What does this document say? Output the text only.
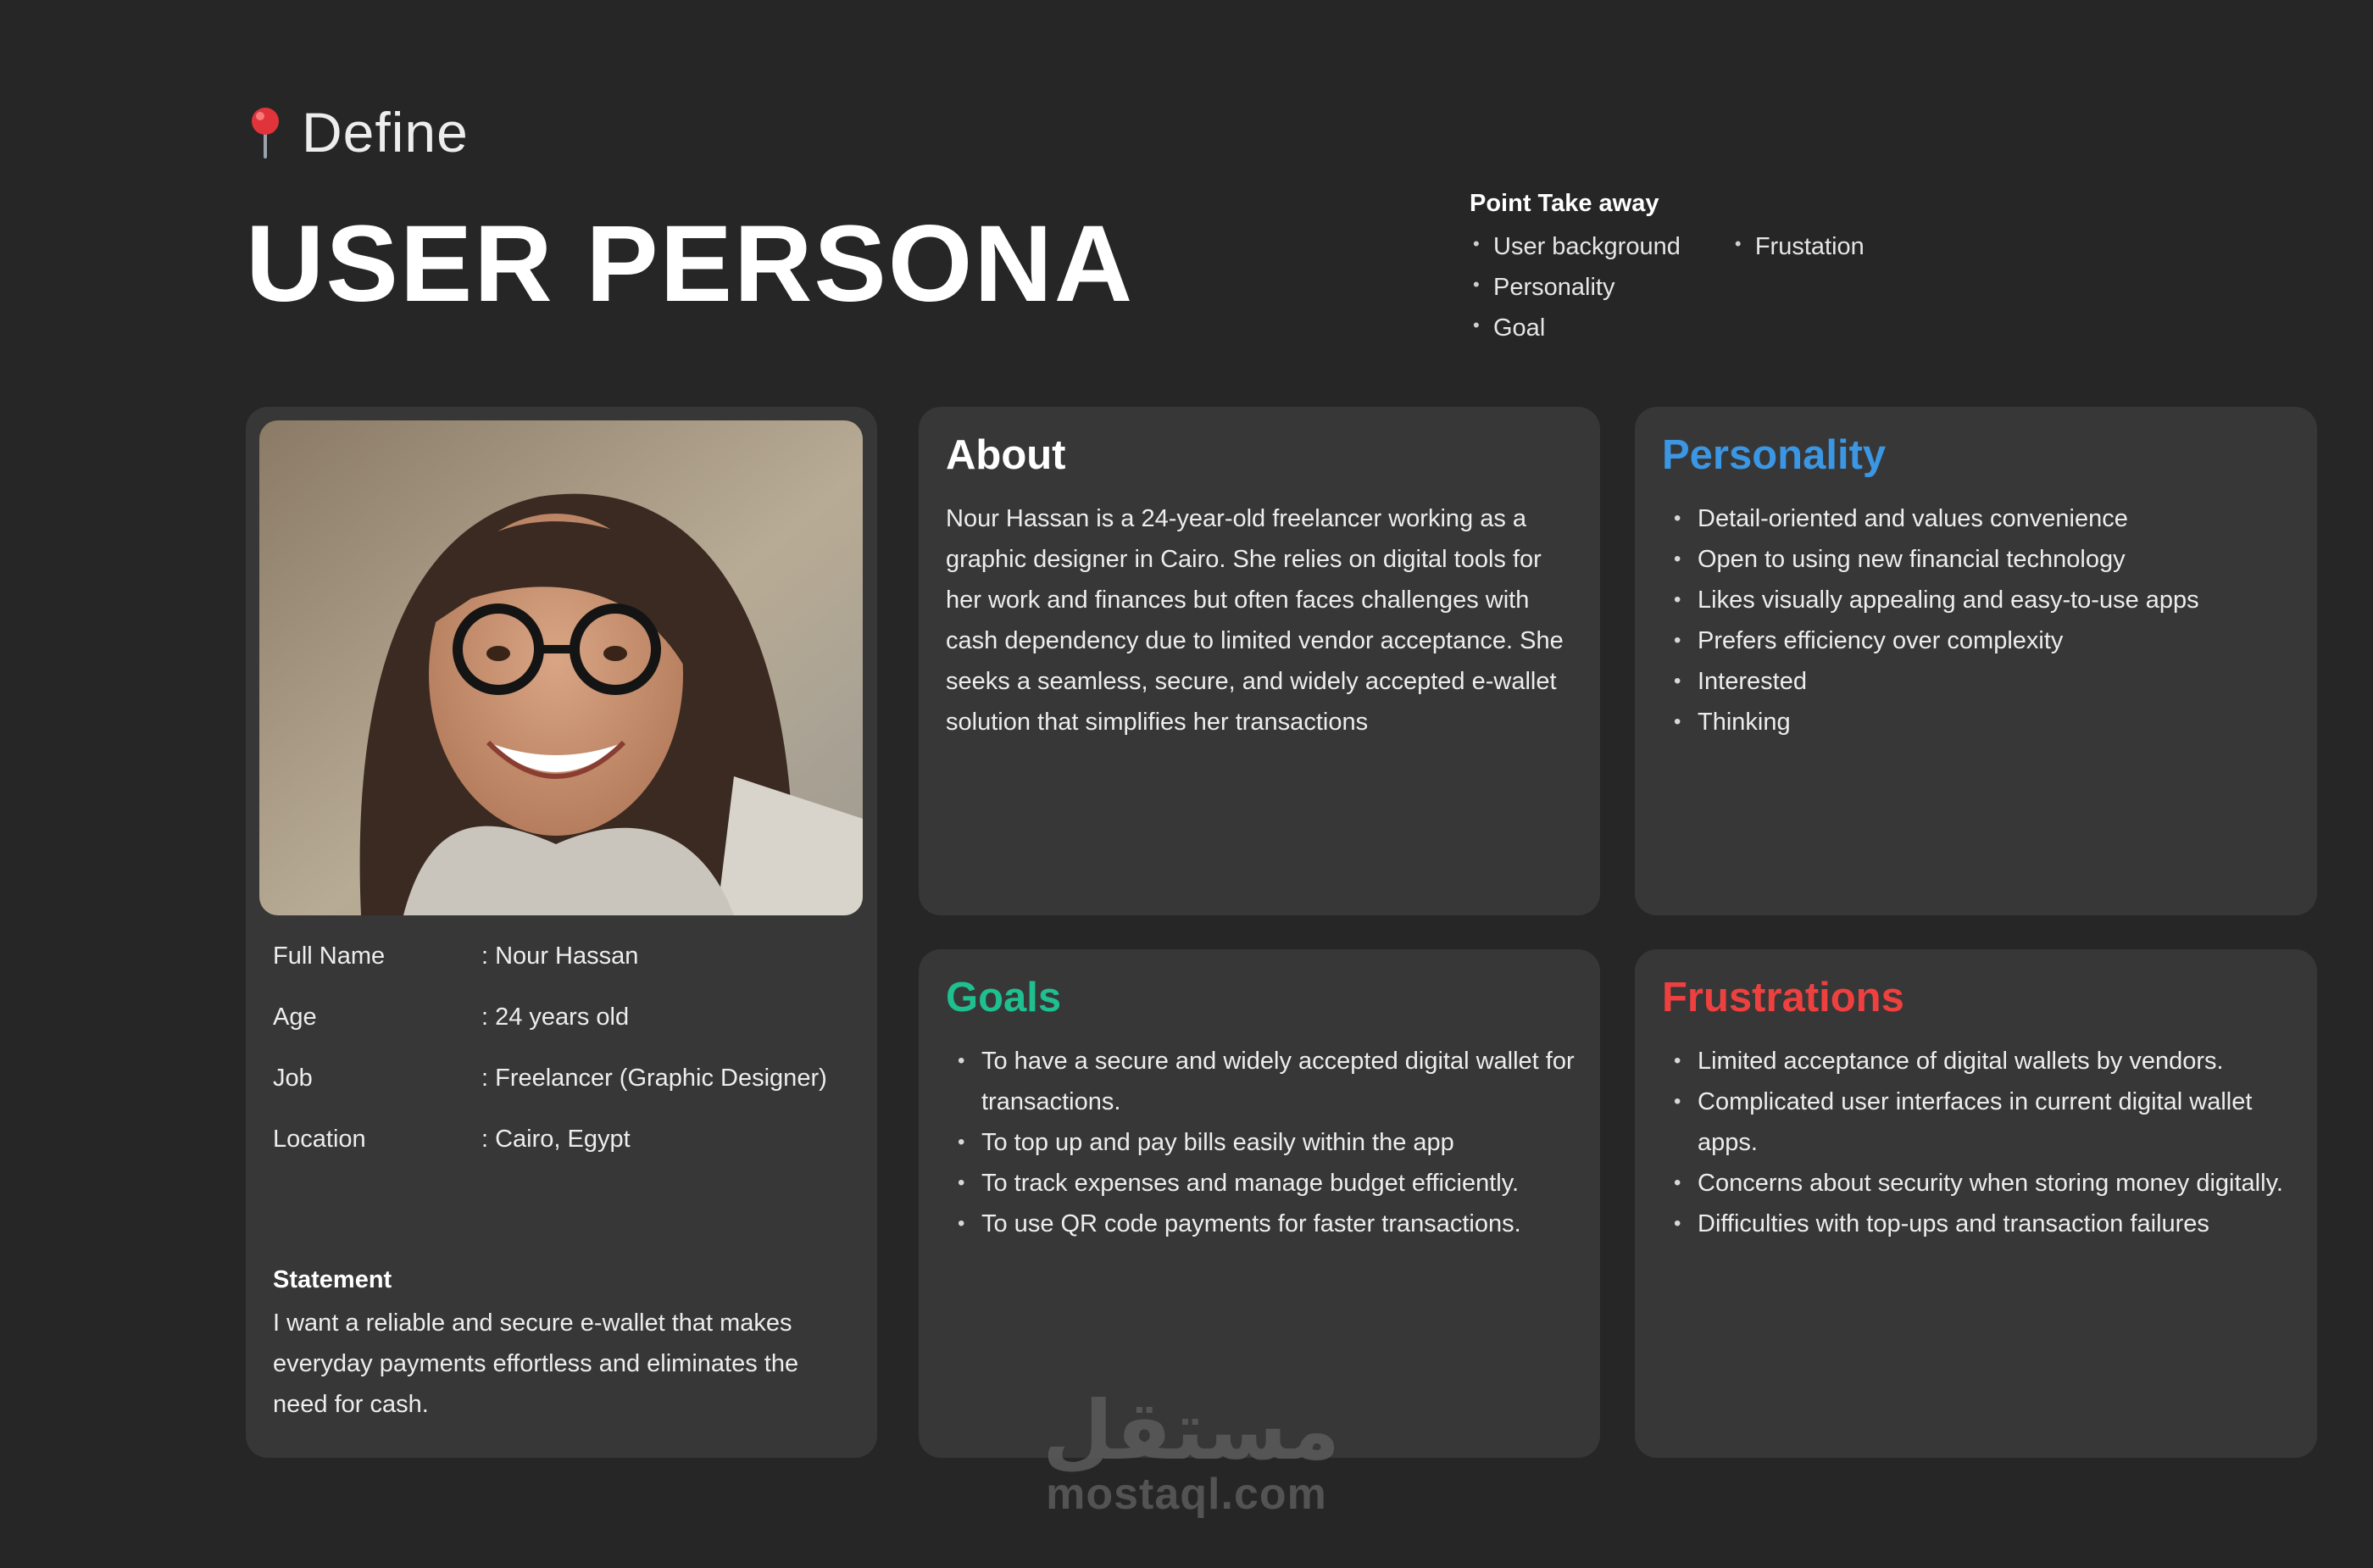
Define
USER PERSONA	Point Take away
• User background
• Personality
• Goal
• Frustation
Full Name	: Nour Hassan
Age	: 24 years old
Job	: Freelancer (Graphic Designer)
Location	: Cairo, Egypt
Statement
I want a reliable and secure e-wallet that makes everyday payments effortless and eliminates the need for cash.
About
Nour Hassan is a 24-year-old freelancer working as a graphic designer in Cairo. She relies on digital tools for her work and finances but often faces challenges with cash dependency due to limited vendor acceptance. She seeks a seamless, secure, and widely accepted e-wallet solution that simplifies her transactions
Personality
• Detail-oriented and values convenience
• Open to using new financial technology
• Likes visually appealing and easy-to-use apps
• Prefers efficiency over complexity
• Interested
• Thinking
Goals
• To have a secure and widely accepted digital wallet for transactions.
• To top up and pay bills easily within the app
• To track expenses and manage budget efficiently.
• To use QR code payments for faster transactions.
Frustrations
• Limited acceptance of digital wallets by vendors.
• Complicated user interfaces in current digital wallet apps.
• Concerns about security when storing money digitally.
• Difficulties with top-ups and transaction failures
مستقل
mostaql.com
